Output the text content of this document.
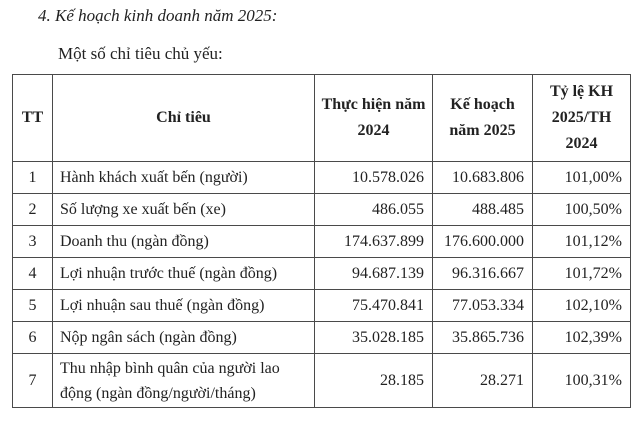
4. Kế hoạch kinh doanh năm 2025:
Một số chỉ tiêu chủ yếu:
TT	Chỉ tiêu	Thực hiện năm 2024	Kế hoạch năm 2025	Tỷ lệ KH 2025/TH 2024
1	Hành khách xuất bến (người)	10.578.026	10.683.806	101,00%
2	Số lượng xe xuất bến (xe)	486.055	488.485	100,50%
3	Doanh thu (ngàn đồng)	174.637.899	176.600.000	101,12%
4	Lợi nhuận trước thuế (ngàn đồng)	94.687.139	96.316.667	101,72%
5	Lợi nhuận sau thuế (ngàn đồng)	75.470.841	77.053.334	102,10%
6	Nộp ngân sách (ngàn đồng)	35.028.185	35.865.736	102,39%
7	Thu nhập bình quân của người lao động (ngàn đồng/người/tháng)	28.185	28.271	100,31%
